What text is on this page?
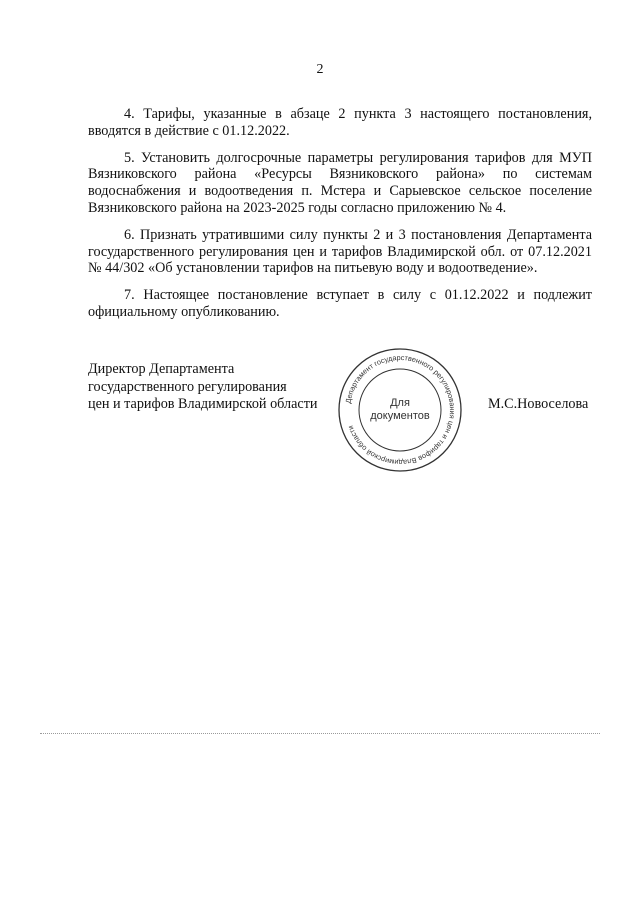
2

4. Тарифы, указанные в абзаце 2 пункта 3 настоящего постановления, вводятся в действие с 01.12.2022.

5. Установить долгосрочные параметры регулирования тарифов для МУП Вязниковского района «Ресурсы Вязниковского района» по системам водоснабжения и водоотведения п. Мстера и Сарыевское сельское поселение Вязниковского района на 2023-2025 годы согласно приложению № 4.

6. Признать утратившими силу пункты 2 и 3 постановления Департамента государственного регулирования цен и тарифов Владимирской обл. от 07.12.2021 № 44/302 «Об установлении тарифов на питьевую воду и водоотведение».

7. Настоящее постановление вступает в силу с 01.12.2022 и подлежит официальному опубликованию.

Директор Департамента
государственного регулирования
цен и тарифов Владимирской области	Департамент государственного регулирования цен и тарифов Владимирской области
Для
документов
М.С.Новоселова
